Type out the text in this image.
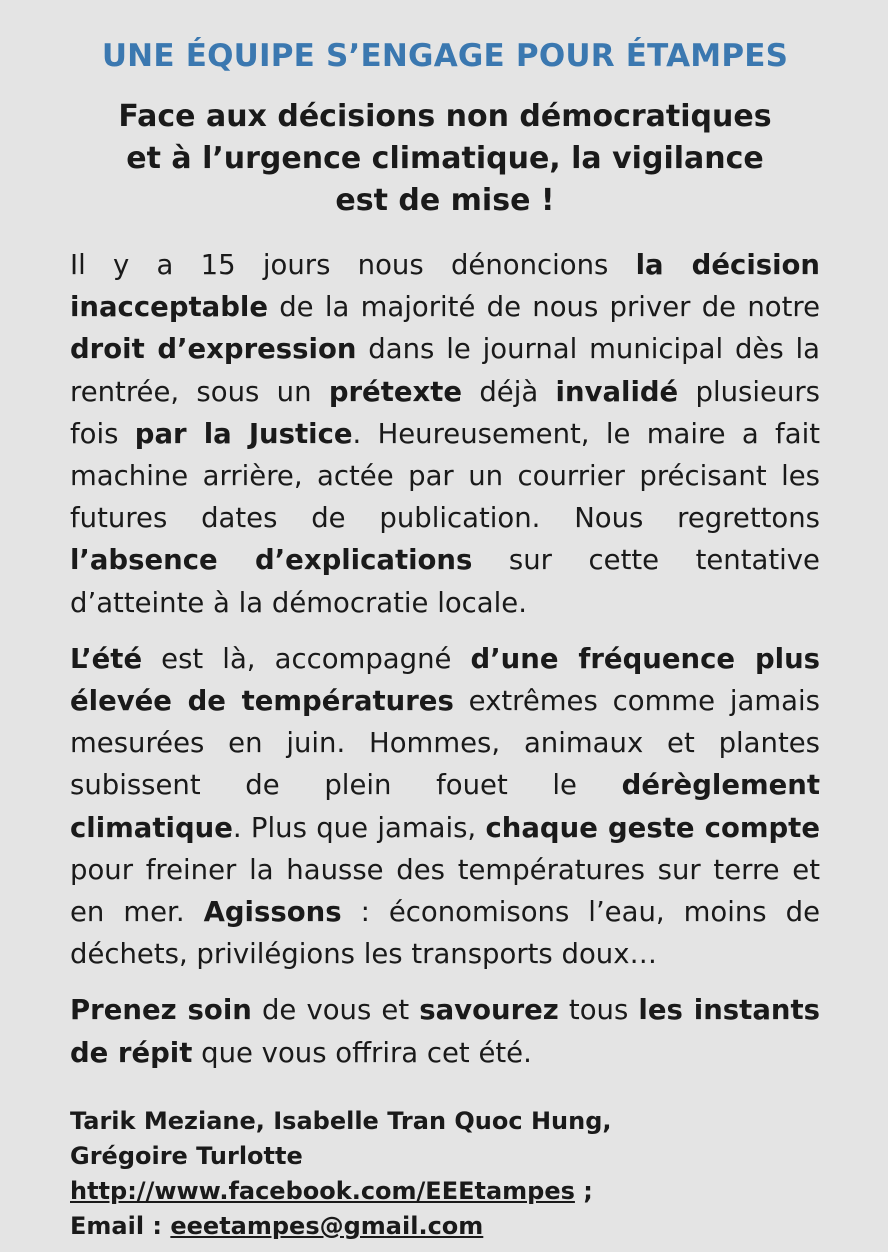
UNE ÉQUIPE S’ENGAGE POUR ÉTAMPES
Face aux décisions non démocratiques
et à l’urgence climatique, la vigilance
est de mise !

Il y a 15 jours nous dénoncions la décision inacceptable de la majorité de nous priver de notre droit d’expression dans le journal municipal dès la rentrée, sous un prétexte déjà invalidé plusieurs fois par la Justice. Heureusement, le maire a fait machine arrière, actée par un courrier précisant les futures dates de publication. Nous regrettons l’absence d’explications sur cette tentative d’atteinte à la démocratie locale.

L’été est là, accompagné d’une fréquence plus élevée de températures extrêmes comme jamais mesurées en juin. Hommes, animaux et plantes subissent de plein fouet le dérèglement climatique. Plus que jamais, chaque geste compte pour freiner la hausse des températures sur terre et en mer. Agissons : économisons l’eau, moins de déchets, privilégions les transports doux…

Prenez soin de vous et savourez tous les instants de répit que vous offrira cet été.

Tarik Meziane, Isabelle Tran Quoc Hung,
Grégoire Turlotte
http://www.facebook.com/EEEtampes ;
Email : eeetampes@gmail.com
